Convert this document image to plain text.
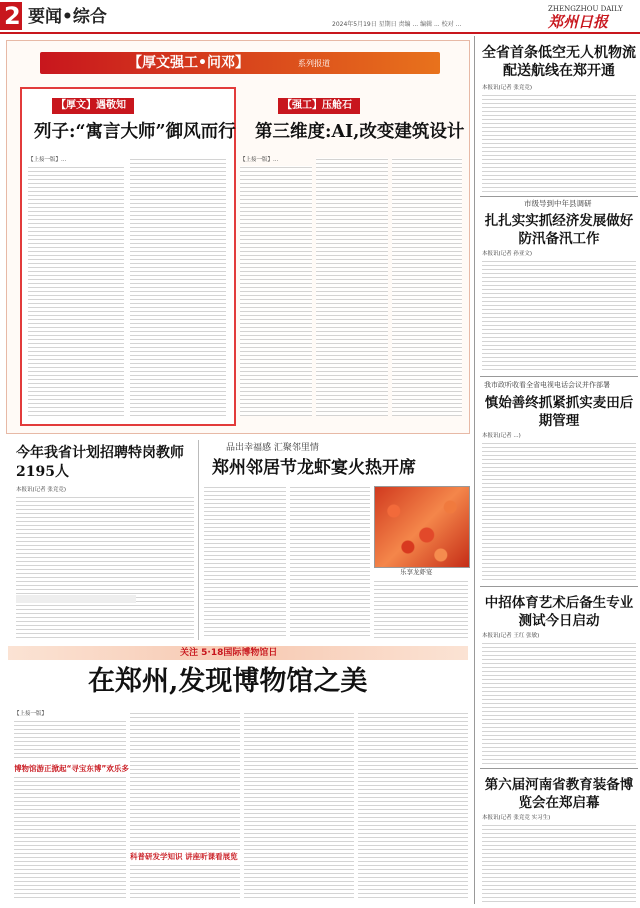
2 要闻•综合	2024年5月19日 星期日 责编 ... 编辑 ... 校对 ...
ZHENGZHOU DAILY
郑州日报
【厚文强工•问邓】	系列报道
【厚文】遇敬知
列子:“寓言大师”御风而行
【上接一版】...
【强工】压舱石
第三维度:AI,改变建筑设计
【上接一版】...
今年我省计划招聘特岗教师2195人
本报讯(记者 张竞竞)
品出幸福感 汇聚邻里情
郑州邻居节龙虾宴火热开席
乐享龙虾宴
关注 5·18国际博物馆日
在郑州,发现博物馆之美
【上接一版】
博物馆游正掀起“寻宝东博”欢乐多
科普研发学知识 讲座听课看展览
全省首条低空无人机物流配送航线在郑开通
本报讯(记者 张竞竞)
市级导到中年县调研
扎扎实实抓经济发展做好防汛备汛工作
本报讯(记者 孙亚文)
我市政听收看全省电视电话会议并作部署
慎始善终抓紧抓实麦田后期管理
本报讯(记者 ...)
中招体育艺术后备生专业测试今日启动
本报讯(记者 王红 张敏)
第六届河南省教育装备博览会在郑启幕
本报讯(记者 张竞竞 实习生)
